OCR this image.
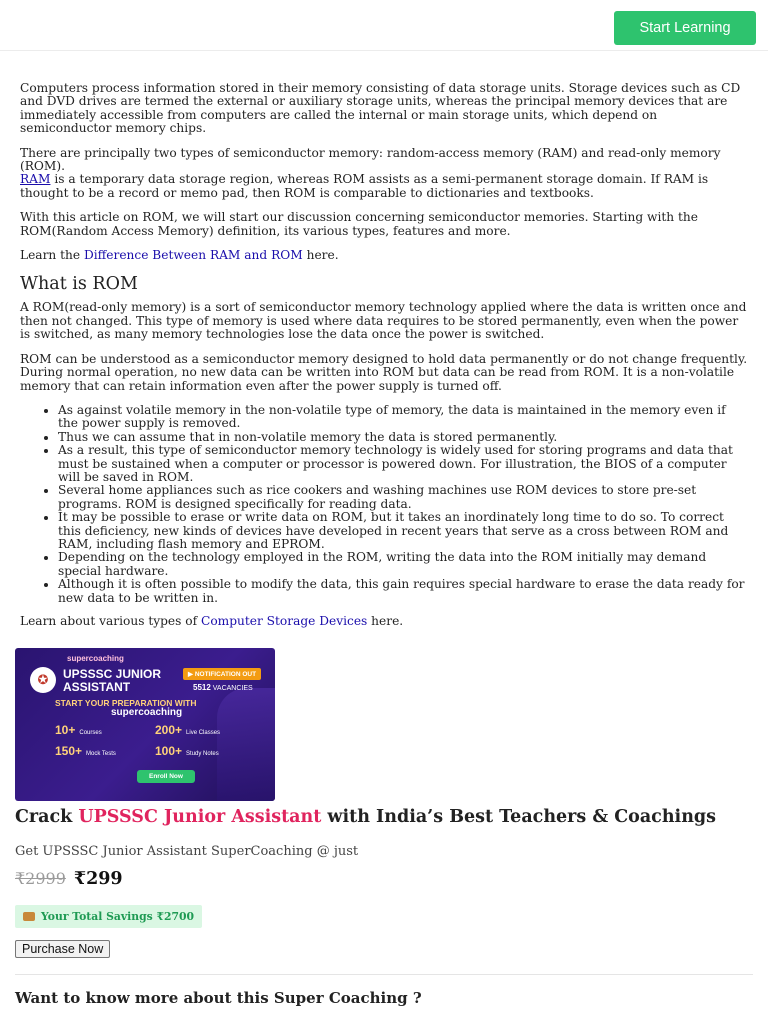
Start Learning

Computers process information stored in their memory consisting of data storage units. Storage devices such as CD and DVD drives are termed the external or auxiliary storage units, whereas the principal memory devices that are immediately accessible from computers are called the internal or main storage units, which depend on semiconductor memory chips.

There are principally two types of semiconductor memory: random-access memory (RAM) and read-only memory (ROM).
RAM is a temporary data storage region, whereas ROM assists as a semi-permanent storage domain. If RAM is thought to be a record or memo pad, then ROM is comparable to dictionaries and textbooks.

With this article on ROM, we will start our discussion concerning semiconductor memories. Starting with the ROM(Random Access Memory) definition, its various types, features and more.

Learn the Difference Between RAM and ROM here.

What is ROM

A ROM(read-only memory) is a sort of semiconductor memory technology applied where the data is written once and then not changed. This type of memory is used where data requires to be stored permanently, even when the power is switched, as many memory technologies lose the data once the power is switched.

ROM can be understood as a semiconductor memory designed to hold data permanently or do not change frequently. During normal operation, no new data can be written into ROM but data can be read from ROM. It is a non-volatile memory that can retain information even after the power supply is turned off.

• As against volatile memory in the non-volatile type of memory, the data is maintained in the memory even if the power supply is removed.
• Thus we can assume that in non-volatile memory the data is stored permanently.
• As a result, this type of semiconductor memory technology is widely used for storing programs and data that must be sustained when a computer or processor is powered down. For illustration, the BIOS of a computer will be saved in ROM.
• Several home appliances such as rice cookers and washing machines use ROM devices to store pre-set programs. ROM is designed specifically for reading data.
• It may be possible to erase or write data on ROM, but it takes an inordinately long time to do so. To correct this deficiency, new kinds of devices have developed in recent years that serve as a cross between ROM and RAM, including flash memory and EPROM.
• Depending on the technology employed in the ROM, writing the data into the ROM initially may demand special hardware.
• Although it is often possible to modify the data, this gain requires special hardware to erase the data ready for new data to be written in.

Learn about various types of Computer Storage Devices here.

supercoaching
✪	UPSSSC JUNIOR
ASSISTANT
▶ NOTIFICATION OUT
5512 VACANCIES
START YOUR PREPARATION WITH
supercoaching
10+ Courses	200+ Live Classes
150+ Mock Tests	100+ Study Notes
Enroll Now
Crack UPSSSC Junior Assistant with India’s Best Teachers & Coachings

Get UPSSSC Junior Assistant SuperCoaching @ just

₹2999 ₹299
Your Total Savings ₹2700
Purchase Now

Want to know more about this Super Coaching ?
